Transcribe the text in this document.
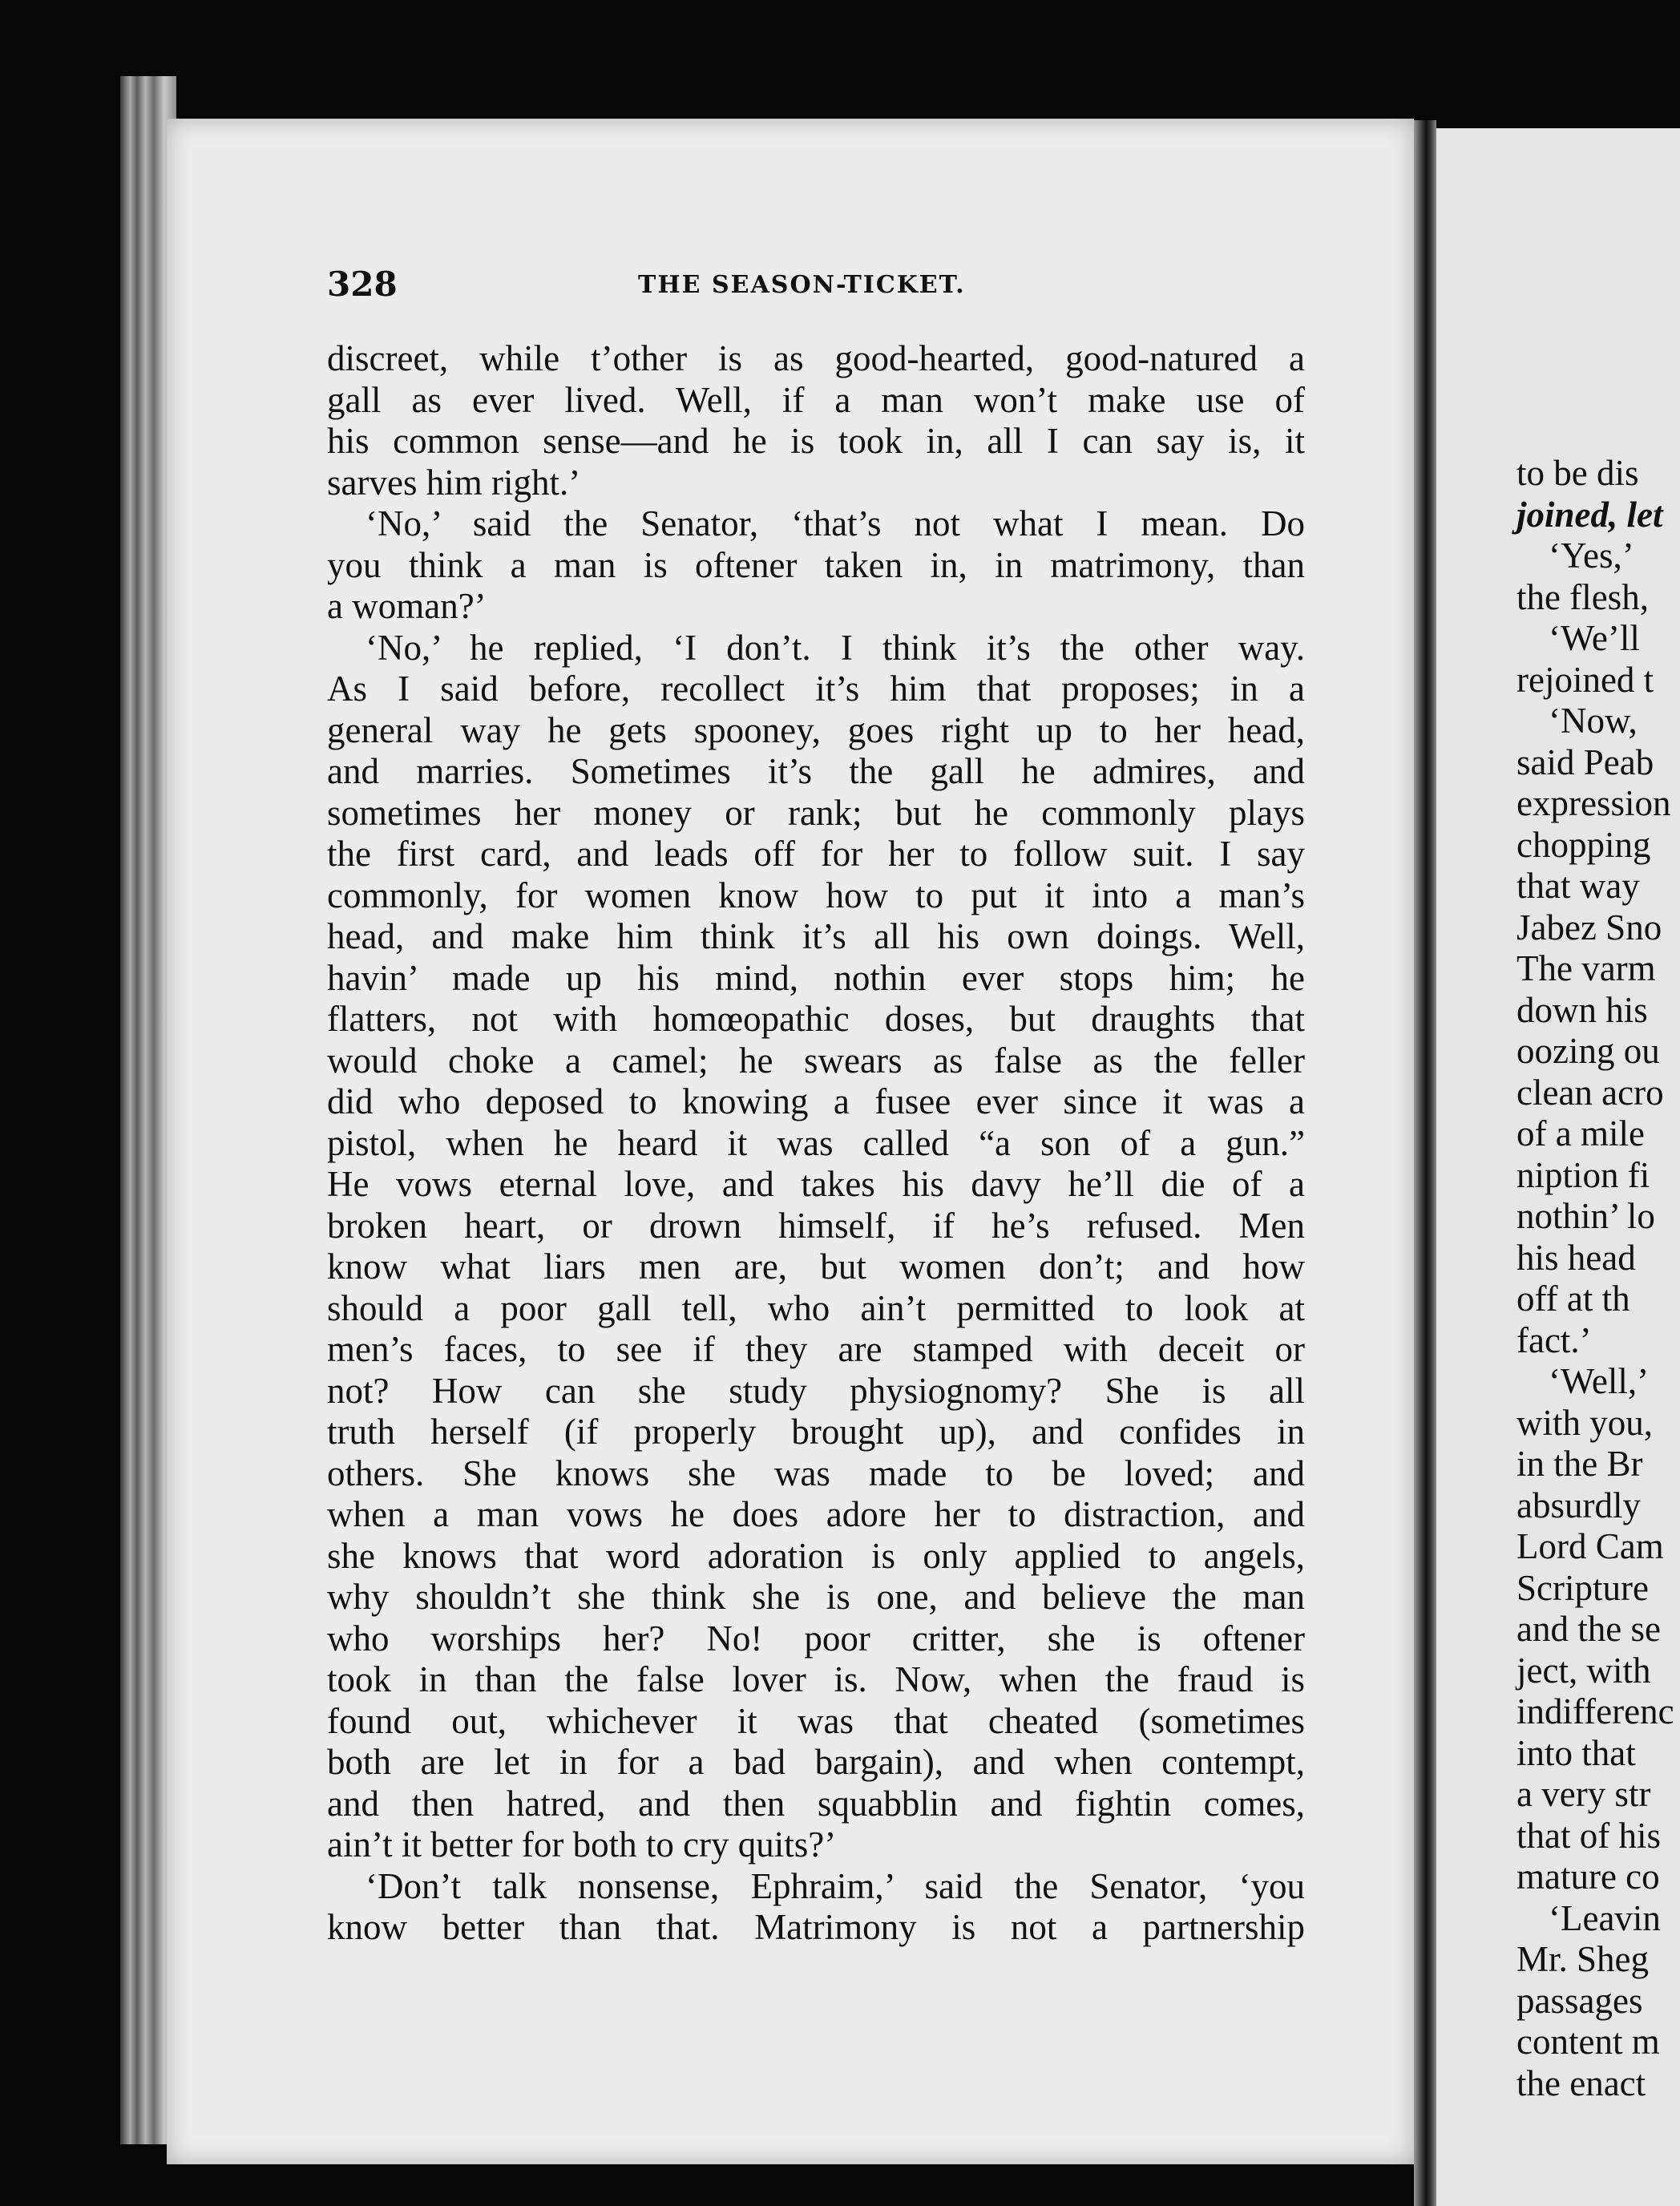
328	THE SEASON-TICKET.
discreet, while t’other is as good-hearted, good-natured a
gall as ever lived. Well, if a man won’t make use of
his common sense—and he is took in, all I can say is, it
sarves him right.’
‘No,’ said the Senator, ‘that’s not what I mean. Do
you think a man is oftener taken in, in matrimony, than
a woman?’
‘No,’ he replied, ‘I don’t. I think it’s the other way.
As I said before, recollect it’s him that proposes; in a
general way he gets spooney, goes right up to her head,
and marries. Sometimes it’s the gall he admires, and
sometimes her money or rank; but he commonly plays
the first card, and leads off for her to follow suit. I say
commonly, for women know how to put it into a man’s
head, and make him think it’s all his own doings. Well,
havin’ made up his mind, nothin ever stops him; he
flatters, not with homœopathic doses, but draughts that
would choke a camel; he swears as false as the feller
did who deposed to knowing a fusee ever since it was a
pistol, when he heard it was called “a son of a gun.”
He vows eternal love, and takes his davy he’ll die of a
broken heart, or drown himself, if he’s refused. Men
know what liars men are, but women don’t; and how
should a poor gall tell, who ain’t permitted to look at
men’s faces, to see if they are stamped with deceit or
not? How can she study physiognomy? She is all
truth herself (if properly brought up), and confides in
others. She knows she was made to be loved; and
when a man vows he does adore her to distraction, and
she knows that word adoration is only applied to angels,
why shouldn’t she think she is one, and believe the man
who worships her? No! poor critter, she is oftener
took in than the false lover is. Now, when the fraud is
found out, whichever it was that cheated (sometimes
both are let in for a bad bargain), and when contempt,
and then hatred, and then squabblin and fightin comes,
ain’t it better for both to cry quits?’
‘Don’t talk nonsense, Ephraim,’ said the Senator, ‘you
know better than that. Matrimony is not a partnership
to be dis
joined, let
‘Yes,’
the flesh,
‘We’ll
rejoined t
‘Now,
said Peab
expression
chopping
that way
Jabez Sno
The varm
down his
oozing ou
clean acro
of a mile
niption fi
nothin’ lo
his head
off at th
fact.’
‘Well,’
with you,
in the Br
absurdly
Lord Cam
Scripture
and the se
ject, with
indifferenc
into that
a very str
that of his
mature co
‘Leavin
Mr. Sheg
passages
content m
the enact
